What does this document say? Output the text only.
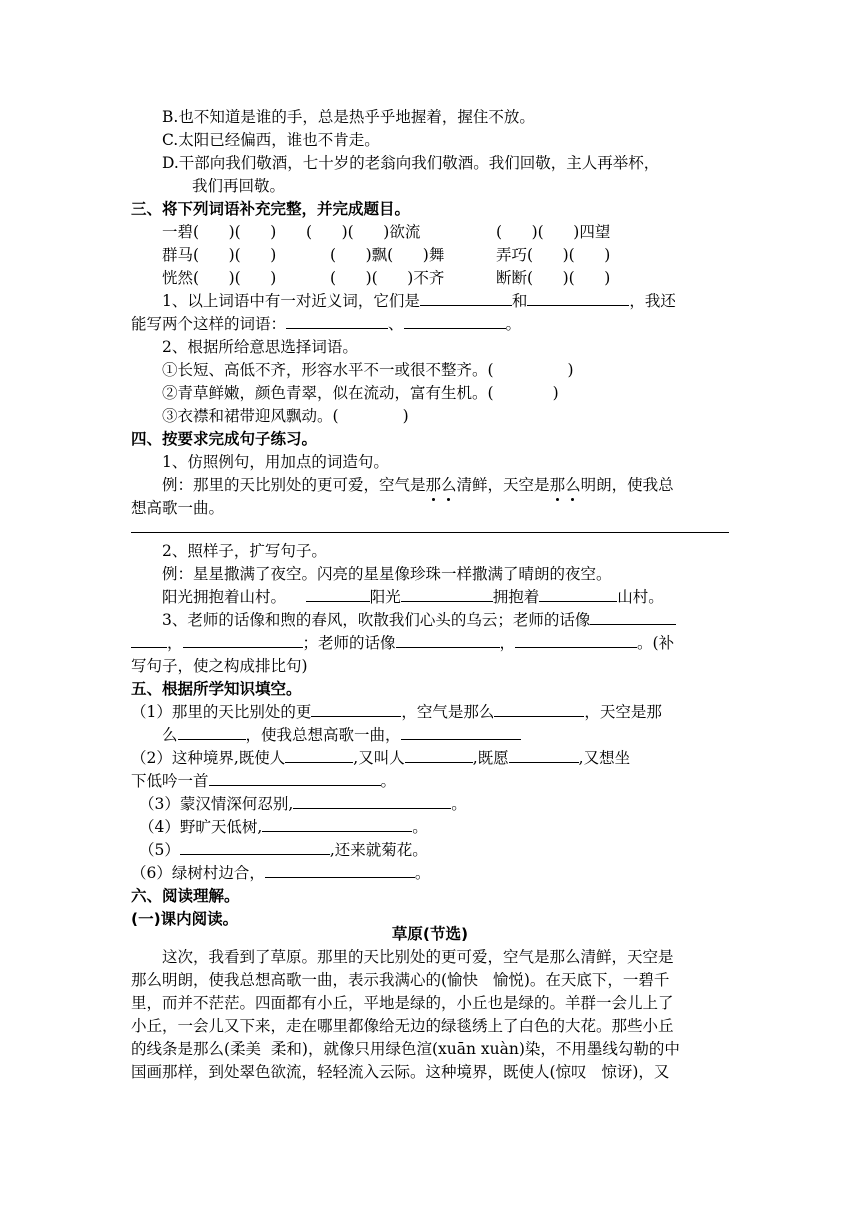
B.也不知道是谁的手，总是热乎乎地握着，握住不放。
C.太阳已经偏西，谁也不肯走。
D.干部向我们敬酒，七十岁的老翁向我们敬酒。我们回敬，主人再举杯，
我们再回敬。
三、将下列词语补充完整，并完成题目。
一碧(      )(      ) (      )(      )欲流	(      )(      )四望
群马(      )(      )	(      )飘(      )舞	弄巧(      )(      )
恍然(      )(      )	(      )(      )不齐	断断(      )(      )
1、以上词语中有一对近义词，它们是	和	，我还
能写两个这样的词语：	、	。
2、根据所给意思选择词语。
①长短、高低不齐，形容水平不一或很不整齐。(               )
②青草鲜嫩，颜色青翠，似在流动，富有生机。(            )
③衣襟和裙带迎风飘动。(             )
四、按要求完成句子练习。
1、仿照例句，用加点的词造句。
例：那里的天比别处的更可爱，空气是那么清鲜，天空是那么明朗，使我总
想高歌一曲。
2、照样子，扩写句子。
例：星星撒满了夜空。闪亮的星星像珍珠一样撒满了晴朗的夜空。
阳光拥抱着山村。	阳光	拥抱着	山村。
3、老师的话像和煦的春风，吹散我们心头的乌云；老师的话像
，	；老师的话像	，	。(补
写句子，使之构成排比句)
五、根据所学知识填空。
（1）那里的天比别处的更	，空气是那么	，天空是那
么	，使我总想高歌一曲，
（2）这种境界,既使人	,又叫人	,既愿	,又想坐
下低吟一首	。
（3）蒙汉情深何忍别,	。
（4）野旷天低树,	。
（5）	,还来就菊花。
（6）绿树村边合，	。
六、阅读理解。
(一)课内阅读。
草原(节选)
这次，我看到了草原。那里的天比别处的更可爱，空气是那么清鲜，天空是
那么明朗，使我总想高歌一曲，表示我满心的(愉快   愉悦)。在天底下，一碧千
里，而并不茫茫。四面都有小丘，平地是绿的，小丘也是绿的。羊群一会儿上了
小丘，一会儿又下来，走在哪里都像给无边的绿毯绣上了白色的大花。那些小丘
的线条是那么(柔美  柔和)，就像只用绿色渲(xuān xuàn)染，不用墨线勾勒的中
国画那样，到处翠色欲流，轻轻流入云际。这种境界，既使人(惊叹   惊讶)，又
